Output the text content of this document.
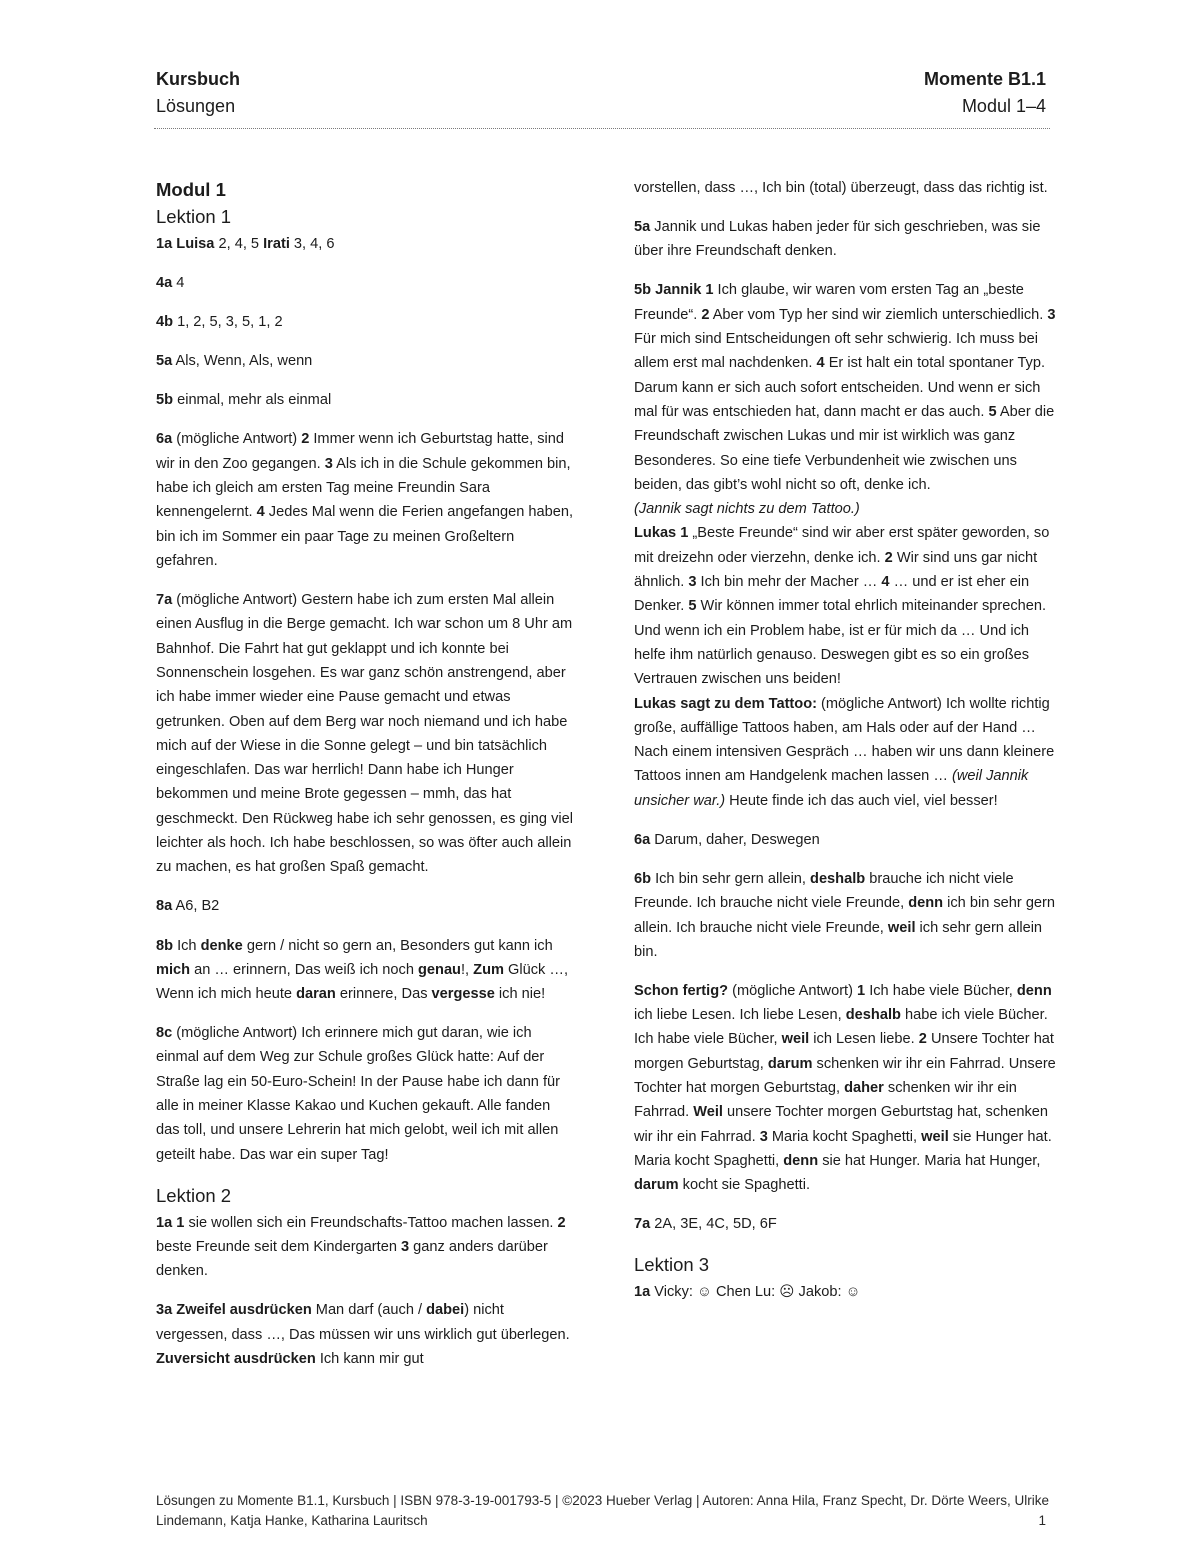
Kursbuch
Lösungen
Momente B1.1
Modul 1–4
Modul 1
Lektion 1

1a Luisa 2, 4, 5 Irati 3, 4, 6

4a 4

4b 1, 2, 5, 3, 5, 1, 2

5a Als, Wenn, Als, wenn

5b einmal, mehr als einmal

6a (mögliche Antwort) 2 Immer wenn ich Geburtstag hatte, sind wir in den Zoo gegangen. 3 Als ich in die Schule gekommen bin, habe ich gleich am ersten Tag meine Freundin Sara kennengelernt. 4 Jedes Mal wenn die Ferien angefangen haben, bin ich im Sommer ein paar Tage zu meinen Großeltern gefahren.

7a (mögliche Antwort) Gestern habe ich zum ersten Mal allein einen Ausflug in die Berge gemacht. Ich war schon um 8 Uhr am Bahnhof. Die Fahrt hat gut geklappt und ich konnte bei Sonnenschein losgehen. Es war ganz schön anstrengend, aber ich habe immer wieder eine Pause gemacht und etwas getrunken. Oben auf dem Berg war noch niemand und ich habe mich auf der Wiese in die Sonne gelegt – und bin tatsächlich eingeschlafen. Das war herrlich! Dann habe ich Hunger bekommen und meine Brote gegessen – mmh, das hat geschmeckt. Den Rückweg habe ich sehr genossen, es ging viel leichter als hoch. Ich habe beschlossen, so was öfter auch allein zu machen, es hat großen Spaß gemacht.

8a A6, B2

8b Ich denke gern / nicht so gern an, Besonders gut kann ich mich an … erinnern, Das weiß ich noch genau!, Zum Glück …, Wenn ich mich heute daran erinnere, Das vergesse ich nie!

8c (mögliche Antwort) Ich erinnere mich gut daran, wie ich einmal auf dem Weg zur Schule großes Glück hatte: Auf der Straße lag ein 50-Euro-Schein! In der Pause habe ich dann für alle in meiner Klasse Kakao und Kuchen gekauft. Alle fanden das toll, und unsere Lehrerin hat mich gelobt, weil ich mit allen geteilt habe. Das war ein super Tag!

Lektion 2

1a 1 sie wollen sich ein Freundschafts-Tattoo machen lassen. 2 beste Freunde seit dem Kindergarten 3 ganz anders darüber denken.

3a Zweifel ausdrücken Man darf (auch / dabei) nicht vergessen, dass …, Das müssen wir uns wirklich gut überlegen. Zuversicht ausdrücken Ich kann mir gut

vorstellen, dass …, Ich bin (total) überzeugt, dass das richtig ist.

5a Jannik und Lukas haben jeder für sich geschrieben, was sie über ihre Freundschaft denken.

5b Jannik 1 Ich glaube, wir waren vom ersten Tag an „beste Freunde“. 2 Aber vom Typ her sind wir ziemlich unterschiedlich. 3 Für mich sind Entscheidungen oft sehr schwierig. Ich muss bei allem erst mal nachdenken. 4 Er ist halt ein total spontaner Typ. Darum kann er sich auch sofort entscheiden. Und wenn er sich mal für was entschieden hat, dann macht er das auch. 5 Aber die Freundschaft zwischen Lukas und mir ist wirklich was ganz Besonderes. So eine tiefe Verbundenheit wie zwischen uns beiden, das gibt’s wohl nicht so oft, denke ich.
(Jannik sagt nichts zu dem Tattoo.)
Lukas 1 „Beste Freunde“ sind wir aber erst später geworden, so mit dreizehn oder vierzehn, denke ich. 2 Wir sind uns gar nicht ähnlich. 3 Ich bin mehr der Macher … 4 … und er ist eher ein Denker. 5 Wir können immer total ehrlich miteinander sprechen. Und wenn ich ein Problem habe, ist er für mich da … Und ich helfe ihm natürlich genauso. Deswegen gibt es so ein großes Vertrauen zwischen uns beiden!
Lukas sagt zu dem Tattoo: (mögliche Antwort) Ich wollte richtig große, auffällige Tattoos haben, am Hals oder auf der Hand … Nach einem intensiven Gespräch … haben wir uns dann kleinere Tattoos innen am Handgelenk machen lassen … (weil Jannik unsicher war.) Heute finde ich das auch viel, viel besser!

6a Darum, daher, Deswegen

6b Ich bin sehr gern allein, deshalb brauche ich nicht viele Freunde. Ich brauche nicht viele Freunde, denn ich bin sehr gern allein. Ich brauche nicht viele Freunde, weil ich sehr gern allein bin.

Schon fertig? (mögliche Antwort) 1 Ich habe viele Bücher, denn ich liebe Lesen. Ich liebe Lesen, deshalb habe ich viele Bücher. Ich habe viele Bücher, weil ich Lesen liebe. 2 Unsere Tochter hat morgen Geburtstag, darum schenken wir ihr ein Fahrrad. Unsere Tochter hat morgen Geburtstag, daher schenken wir ihr ein Fahrrad. Weil unsere Tochter morgen Geburtstag hat, schenken wir ihr ein Fahrrad. 3 Maria kocht Spaghetti, weil sie Hunger hat. Maria kocht Spaghetti, denn sie hat Hunger. Maria hat Hunger, darum kocht sie Spaghetti.

7a 2A, 3E, 4C, 5D, 6F

Lektion 3

1a Vicky: ☺ Chen Lu: ☹ Jakob: ☺

Lösungen zu Momente B1.1, Kursbuch | ISBN 978-3-19-001793-5 | ©2023 Hueber Verlag | Autoren: Anna Hila, Franz Specht, Dr. Dörte Weers, Ulrike Lindemann, Katja Hanke, Katharina Lauritsch	1
